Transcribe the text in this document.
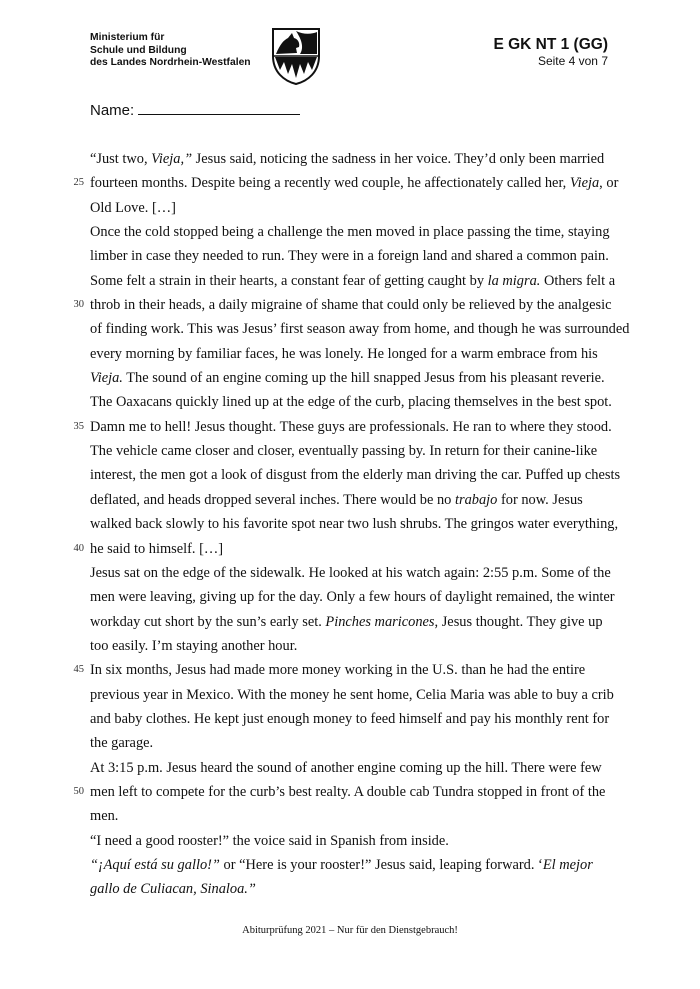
Ministerium für
Schule und Bildung
des Landes Nordrhein-Westfalen
E GK NT 1 (GG)
Seite 4 von 7
Name:
“Just two, Vieja,” Jesus said, noticing the sadness in her voice. They’d only been married
25 fourteen months. Despite being a recently wed couple, he affectionately called her, Vieja, or
Old Love. […]
Once the cold stopped being a challenge the men moved in place passing the time, staying
limber in case they needed to run. They were in a foreign land and shared a common pain.
Some felt a strain in their hearts, a constant fear of getting caught by la migra. Others felt a
30 throb in their heads, a daily migraine of shame that could only be relieved by the analgesic
of finding work. This was Jesus’ first season away from home, and though he was surrounded
every morning by familiar faces, he was lonely. He longed for a warm embrace from his
Vieja. The sound of an engine coming up the hill snapped Jesus from his pleasant reverie.
The Oaxacans quickly lined up at the edge of the curb, placing themselves in the best spot.
35 Damn me to hell! Jesus thought. These guys are professionals. He ran to where they stood.
The vehicle came closer and closer, eventually passing by. In return for their canine-like
interest, the men got a look of disgust from the elderly man driving the car. Puffed up chests
deflated, and heads dropped several inches. There would be no trabajo for now. Jesus
walked back slowly to his favorite spot near two lush shrubs. The gringos water everything,
40 he said to himself. […]
Jesus sat on the edge of the sidewalk. He looked at his watch again: 2:55 p.m. Some of the
men were leaving, giving up for the day. Only a few hours of daylight remained, the winter
workday cut short by the sun’s early set. Pinches maricones, Jesus thought. They give up
too easily. I’m staying another hour.
45 In six months, Jesus had made more money working in the U.S. than he had the entire
previous year in Mexico. With the money he sent home, Celia Maria was able to buy a crib
and baby clothes. He kept just enough money to feed himself and pay his monthly rent for
the garage.
At 3:15 p.m. Jesus heard the sound of another engine coming up the hill. There were few
50 men left to compete for the curb’s best realty. A double cab Tundra stopped in front of the
men.
“I need a good rooster!” the voice said in Spanish from inside.
“¡Aquí está su gallo!” or “Here is your rooster!” Jesus said, leaping forward. ‘El mejor
gallo de Culiacan, Sinaloa.”
Abiturprüfung 2021 – Nur für den Dienstgebrauch!
